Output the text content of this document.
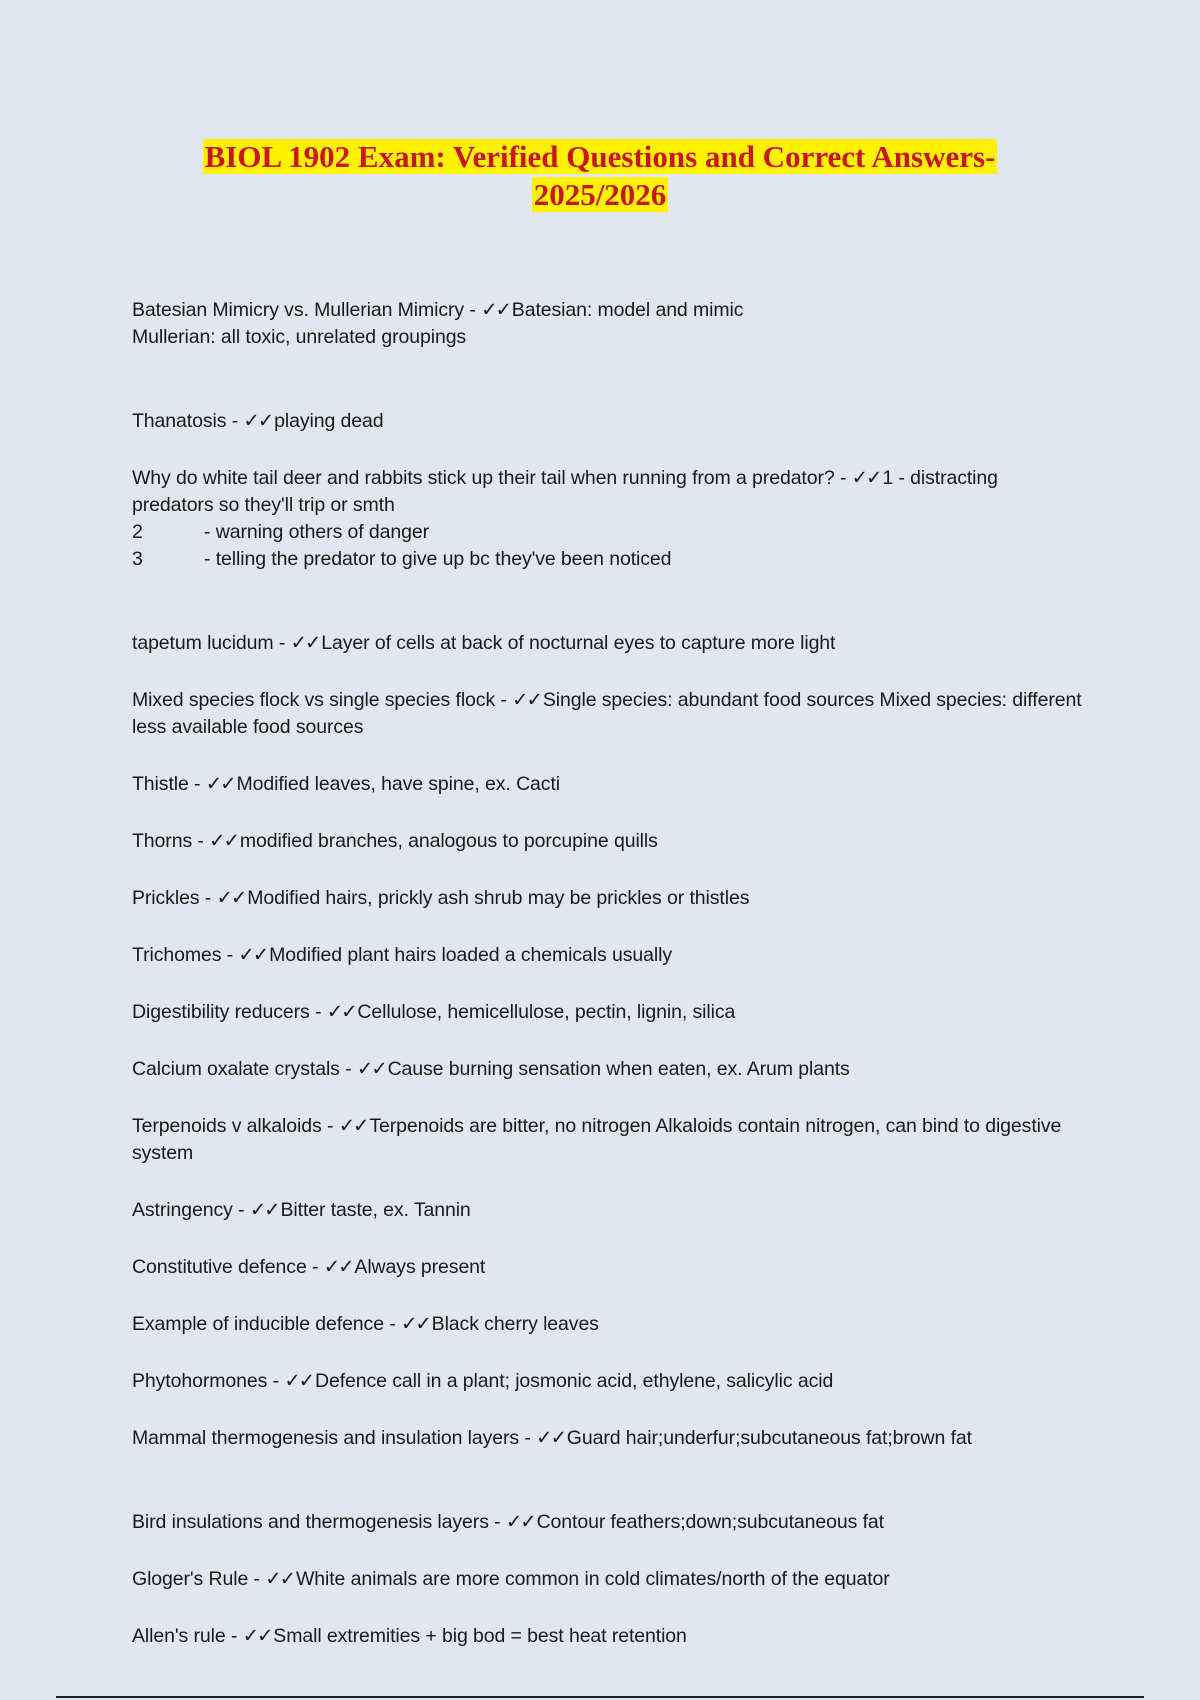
BIOL 1902 Exam: Verified Questions and Correct Answers-
2025/2026

Batesian Mimicry vs. Mullerian Mimicry - ✓✓ Batesian: model and mimic
Mullerian: all toxic, unrelated groupings

Thanatosis - ✓✓ playing dead

Why do white tail deer and rabbits stick up their tail when running from a predator? - ✓✓ 1 - distracting predators so they'll trip or smth
2	- warning others of danger
3	- telling the predator to give up bc they've been noticed

tapetum lucidum - ✓✓ Layer of cells at back of nocturnal eyes to capture more light

Mixed species flock vs single species flock - ✓✓ Single species: abundant food sources Mixed species: different less available food sources

Thistle - ✓✓ Modified leaves, have spine, ex. Cacti

Thorns - ✓✓ modified branches, analogous to porcupine quills

Prickles - ✓✓ Modified hairs, prickly ash shrub may be prickles or thistles

Trichomes - ✓✓ Modified plant hairs loaded a chemicals usually

Digestibility reducers - ✓✓ Cellulose, hemicellulose, pectin, lignin, silica

Calcium oxalate crystals - ✓✓ Cause burning sensation when eaten, ex. Arum plants

Terpenoids v alkaloids - ✓✓ Terpenoids are bitter, no nitrogen Alkaloids contain nitrogen, can bind to digestive system

Astringency - ✓✓ Bitter taste, ex. Tannin

Constitutive defence - ✓✓ Always present

Example of inducible defence - ✓✓ Black cherry leaves

Phytohormones - ✓✓ Defence call in a plant; josmonic acid, ethylene, salicylic acid

Mammal thermogenesis and insulation layers - ✓✓ Guard hair;underfur;subcutaneous fat;brown fat

Bird insulations and thermogenesis layers - ✓✓ Contour feathers;down;subcutaneous fat

Gloger's Rule - ✓✓ White animals are more common in cold climates/north of the equator

Allen's rule - ✓✓ Small extremities + big bod = best heat retention
